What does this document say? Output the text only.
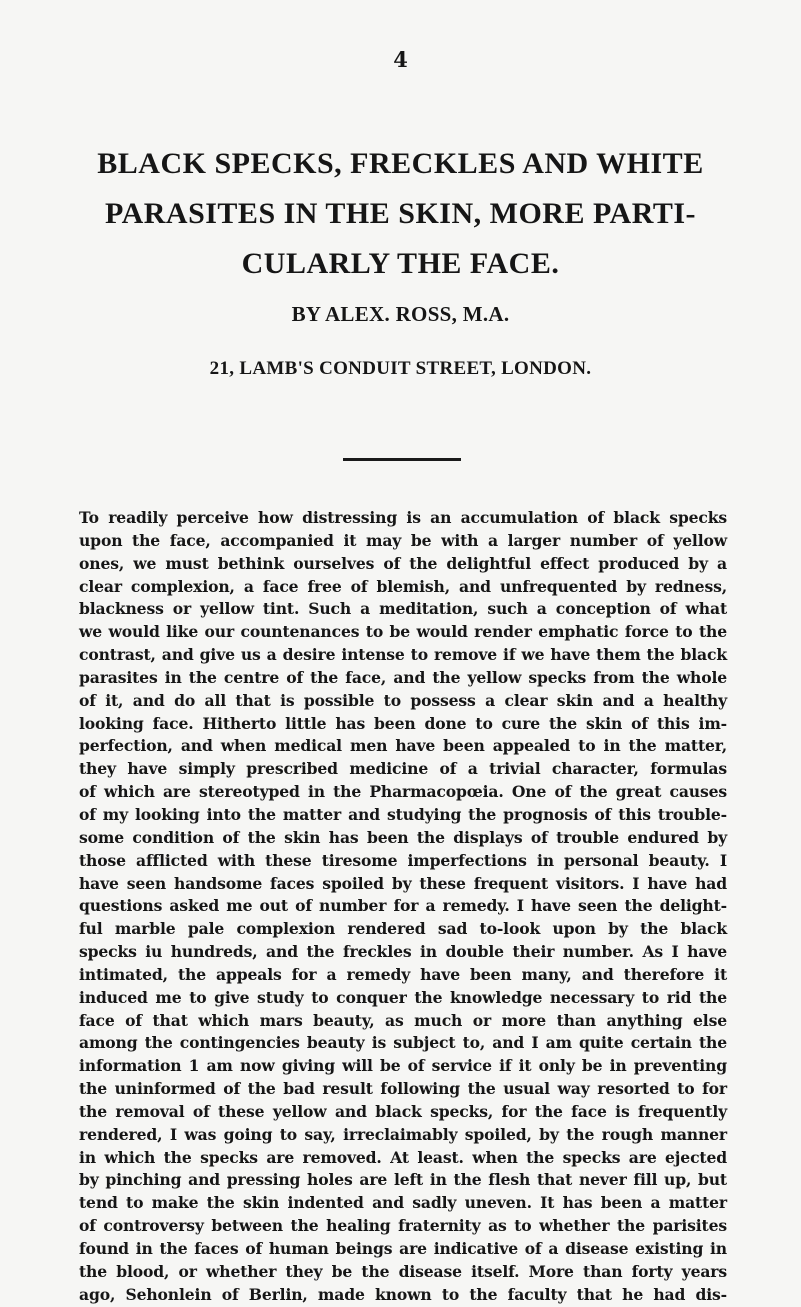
4
BLACK SPECKS, FRECKLES AND WHITE
PARASITES IN THE SKIN, MORE PARTI-
CULARLY THE FACE.
BY ALEX. ROSS, M.A.
21, LAMB'S CONDUIT STREET, LONDON.
To readily perceive how distressing is an accumulation of black specks
upon the face, accompanied it may be with a larger number of yellow
ones, we must bethink ourselves of the delightful effect produced by a
clear complexion, a face free of blemish, and unfrequented by redness,
blackness or yellow tint. Such a meditation, such a conception of what
we would like our countenances to be would render emphatic force to the
contrast, and give us a desire intense to remove if we have them the black
parasites in the centre of the face, and the yellow specks from the whole
of it, and do all that is possible to possess a clear skin and a healthy
looking face. Hitherto little has been done to cure the skin of this im-
perfection, and when medical men have been appealed to in the matter,
they have simply prescribed medicine of a trivial character, formulas
of which are stereotyped in the Pharmacopœia. One of the great causes
of my looking into the matter and studying the prognosis of this trouble-
some condition of the skin has been the displays of trouble endured by
those afflicted with these tiresome imperfections in personal beauty. I
have seen handsome faces spoiled by these frequent visitors. I have had
questions asked me out of number for a remedy. I have seen the delight-
ful marble pale complexion rendered sad to-look upon by the black
specks iu hundreds, and the freckles in double their number. As I have
intimated, the appeals for a remedy have been many, and therefore it
induced me to give study to conquer the knowledge necessary to rid the
face of that which mars beauty, as much or more than anything else
among the contingencies beauty is subject to, and I am quite certain the
information 1 am now giving will be of service if it only be in preventing
the uninformed of the bad result following the usual way resorted to for
the removal of these yellow and black specks, for the face is frequently
rendered, I was going to say, irreclaimably spoiled, by the rough manner
in which the specks are removed. At least. when the specks are ejected
by pinching and pressing holes are left in the flesh that never fill up, but
tend to make the skin indented and sadly uneven. It has been a matter
of controversy between the healing fraternity as to whether the parisites
found in the faces of human beings are indicative of a disease existing in
the blood, or whether they be the disease itself. More than forty years
ago, Sehonlein of Berlin, made known to the faculty that he had dis-
